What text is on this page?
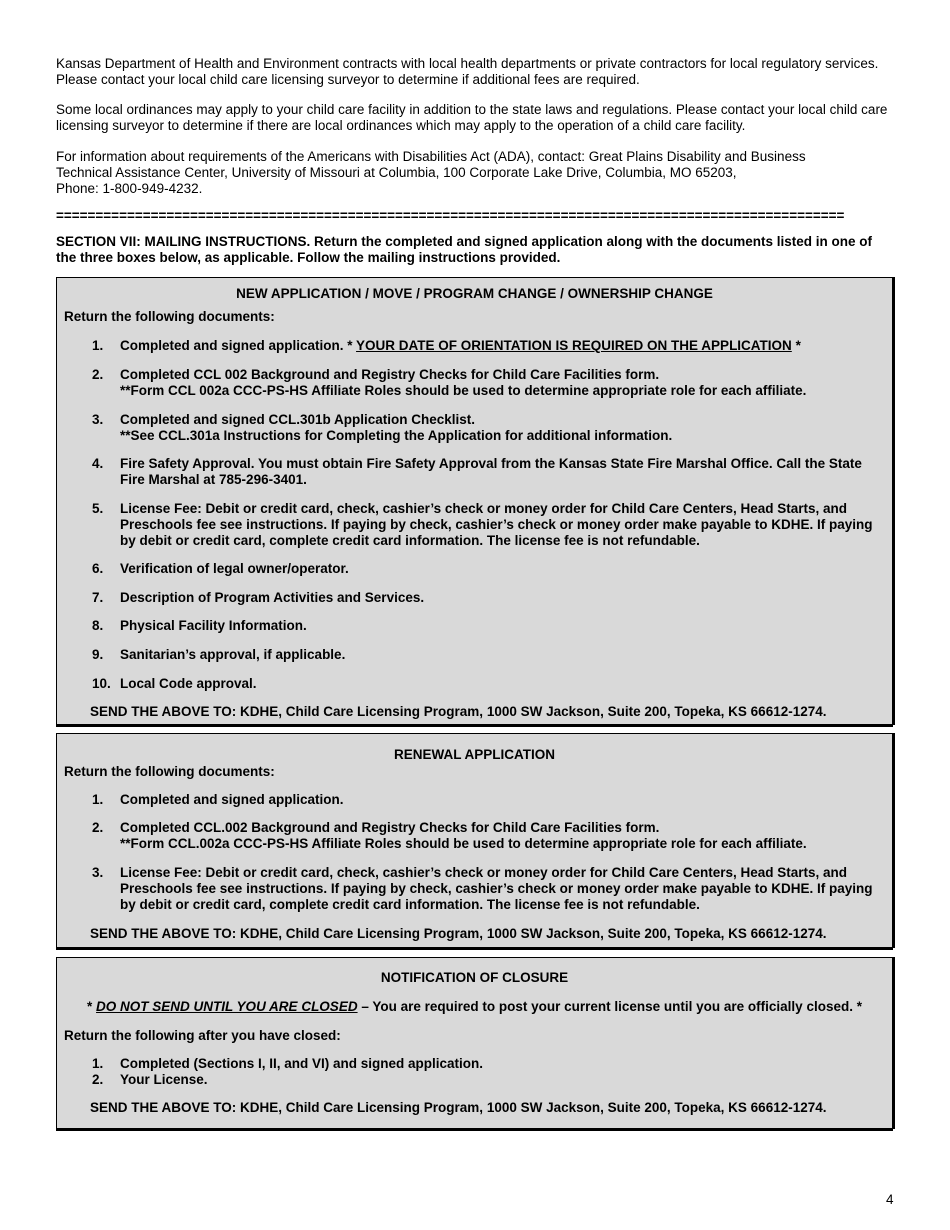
Kansas Department of Health and Environment contracts with local health departments or private contractors for local regulatory services. Please contact your local child care licensing surveyor to determine if additional fees are required.

Some local ordinances may apply to your child care facility in addition to the state laws and regulations. Please contact your local child care licensing surveyor to determine if there are local ordinances which may apply to the operation of a child care facility.

For information about requirements of the Americans with Disabilities Act (ADA), contact: Great Plains Disability and Business
Technical Assistance Center, University of Missouri at Columbia, 100 Corporate Lake Drive, Columbia, MO 65203,
Phone: 1-800-949-4232.
====================================================================================================

SECTION VII: MAILING INSTRUCTIONS. Return the completed and signed application along with the documents listed in one of the three boxes below, as applicable. Follow the mailing instructions provided.

NEW APPLICATION / MOVE / PROGRAM CHANGE / OWNERSHIP CHANGE
Return the following documents:
1. Completed and signed application. * YOUR DATE OF ORIENTATION IS REQUIRED ON THE APPLICATION *
2. Completed CCL 002 Background and Registry Checks for Child Care Facilities form.
**Form CCL 002a CCC-PS-HS Affiliate Roles should be used to determine appropriate role for each affiliate.
3. Completed and signed CCL.301b Application Checklist.
**See CCL.301a Instructions for Completing the Application for additional information.
4. Fire Safety Approval. You must obtain Fire Safety Approval from the Kansas State Fire Marshal Office. Call the State Fire Marshal at 785-296-3401.
5. License Fee: Debit or credit card, check, cashier’s check or money order for Child Care Centers, Head Starts, and Preschools fee see instructions. If paying by check, cashier’s check or money order make payable to KDHE. If paying by debit or credit card, complete credit card information. The license fee is not refundable.
6. Verification of legal owner/operator.
7. Description of Program Activities and Services.
8. Physical Facility Information.
9. Sanitarian’s approval, if applicable.
10. Local Code approval.
SEND THE ABOVE TO: KDHE, Child Care Licensing Program, 1000 SW Jackson, Suite 200, Topeka, KS 66612-1274.
RENEWAL APPLICATION
Return the following documents:
1. Completed and signed application.
2. Completed CCL.002 Background and Registry Checks for Child Care Facilities form.
**Form CCL.002a CCC-PS-HS Affiliate Roles should be used to determine appropriate role for each affiliate.
3. License Fee: Debit or credit card, check, cashier’s check or money order for Child Care Centers, Head Starts, and Preschools fee see instructions. If paying by check, cashier’s check or money order make payable to KDHE. If paying by debit or credit card, complete credit card information. The license fee is not refundable.
SEND THE ABOVE TO: KDHE, Child Care Licensing Program, 1000 SW Jackson, Suite 200, Topeka, KS 66612-1274.
NOTIFICATION OF CLOSURE
* DO NOT SEND UNTIL YOU ARE CLOSED – You are required to post your current license until you are officially closed. *
Return the following after you have closed:
1. Completed (Sections I, II, and VI) and signed application.
2. Your License.
SEND THE ABOVE TO: KDHE, Child Care Licensing Program, 1000 SW Jackson, Suite 200, Topeka, KS 66612-1274.
4
